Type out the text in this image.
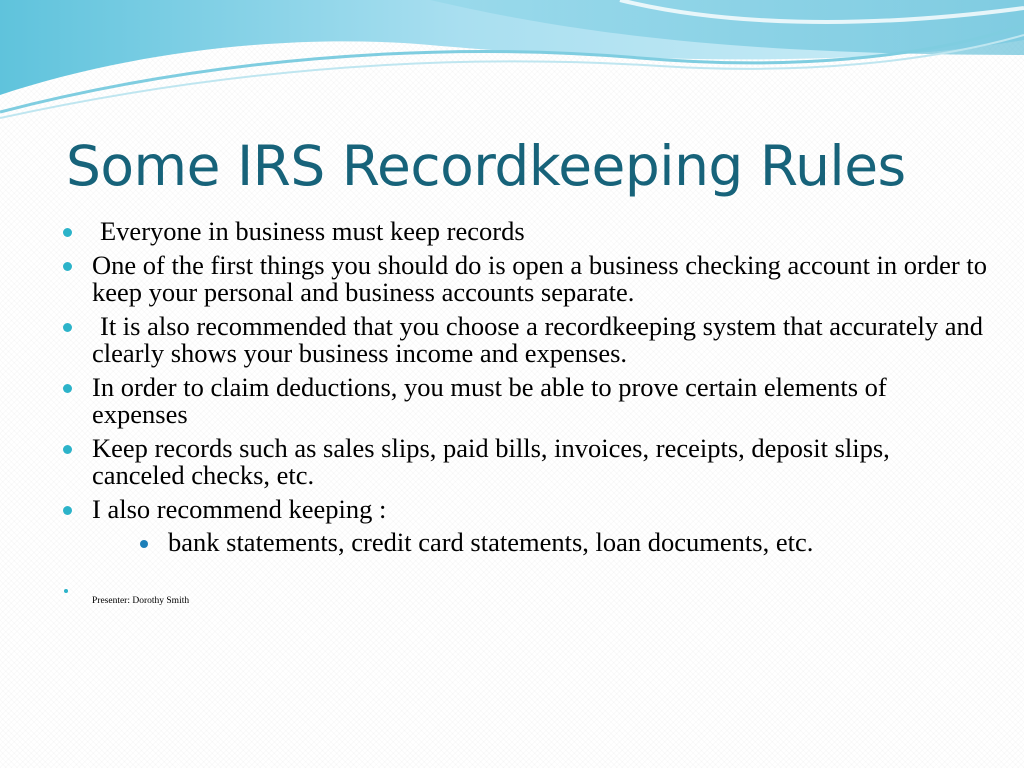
Some IRS Recordkeeping Rules
Everyone in business must keep records
One of the first things you should do is open a business checking account in order to keep your personal and business accounts separate.
It is also recommended that you choose a recordkeeping system that accurately and clearly shows your business income and expenses.
In order to claim deductions, you must be able to prove certain elements of expenses
Keep records such as sales slips, paid bills, invoices, receipts, deposit slips, canceled checks, etc.
I also recommend keeping :
bank statements, credit card statements, loan documents, etc.
Presenter: Dorothy Smith
